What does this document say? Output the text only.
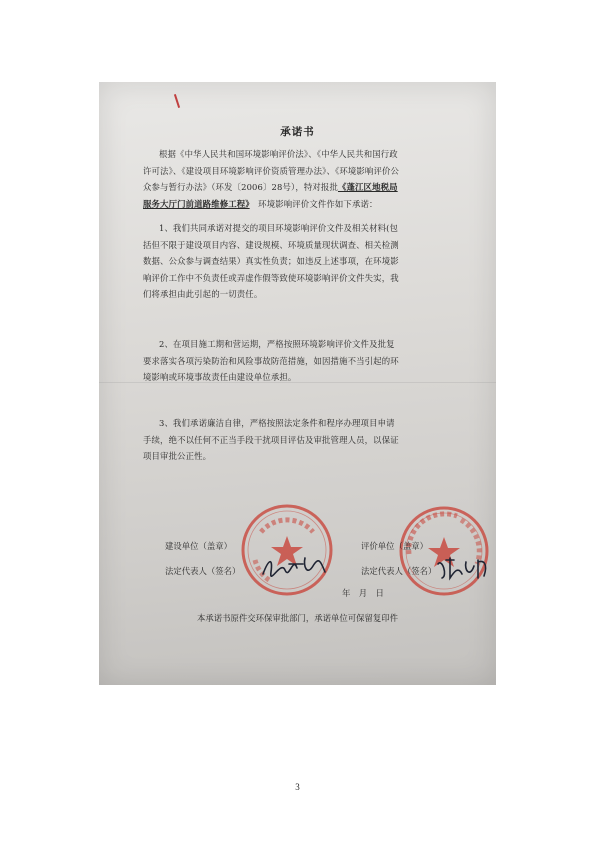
承诺书
根据《中华人民共和国环境影响评价法》、《中华人民共和国行政
许可法》、《建设项目环境影响评价资质管理办法》、《环境影响评价公
众参与暂行办法》（环发〔2006〕28号），特对报批《蓬江区地税局
服务大厅门前道路维修工程》　 环境影响评价文件作如下承诺：
1、我们共同承诺对提交的项目环境影响评价文件及相关材料(包
括但不限于建设项目内容、建设规模、环境质量现状调查、相关检测
数据、公众参与调查结果）真实性负责；如违反上述事项，在环境影
响评价工作中不负责任或弄虚作假等致使环境影响评价文件失实，我
们将承担由此引起的一切责任。
2、在项目施工期和营运期，严格按照环境影响评价文件及批复
要求落实各项污染防治和风险事故防范措施，如因措施不当引起的环
境影响或环境事故责任由建设单位承担。
3、我们承诺廉洁自律，严格按照法定条件和程序办理项目申请
手续，绝不以任何不正当手段干扰项目评估及审批管理人员，以保证
项目审批公正性。
建设单位（盖章）	评价单位（盖章）
法定代表人（签名）	法定代表人（签名）
年　月　日
本承诺书原件交环保审批部门，承诺单位可保留复印件
3
